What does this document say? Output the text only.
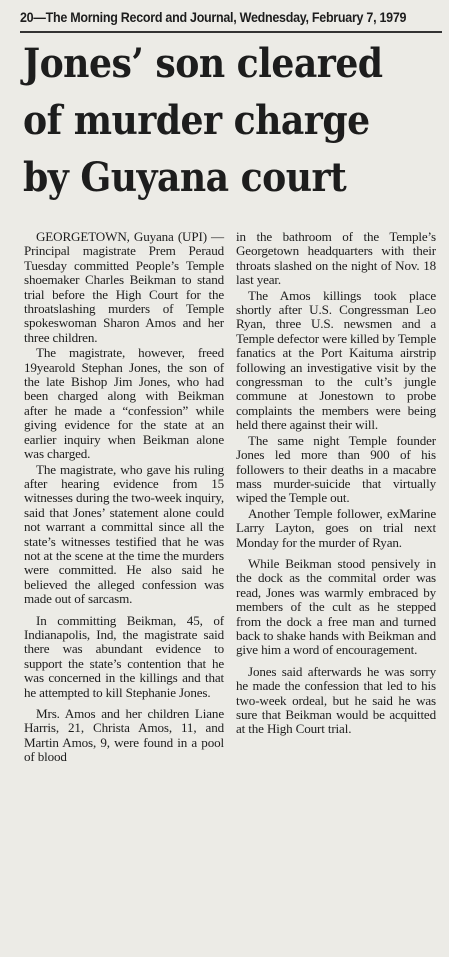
20—The Morning Record and Journal, Wednesday, February 7, 1979
Jones’ son cleared
of murder charge
by Guyana court

GEORGETOWN, Guyana (UPI) — Principal magistrate Prem Peraud Tuesday committed People’s Temple shoemaker Charles Beikman to stand trial before the High Court for the throatslashing murders of Temple spokeswoman Sharon Amos and her three children.

The magistrate, however, freed 19yearold Stephan Jones, the son of the late Bishop Jim Jones, who had been charged along with Beikman after he made a “confession” while giving evidence for the state at an earlier inquiry when Beikman alone was charged.

The magistrate, who gave his ruling after hearing evidence from 15 witnesses during the two-week inquiry, said that Jones’ statement alone could not warrant a committal since all the state’s witnesses testified that he was not at the scene at the time the murders were committed. He also said he believed the alleged confession was made out of sarcasm.

In committing Beikman, 45, of Indianapolis, Ind, the magistrate said there was abundant evidence to support the state’s contention that he was concerned in the killings and that he attempted to kill Stephanie Jones.

Mrs. Amos and her children Liane Harris, 21, Christa Amos, 11, and Martin Amos, 9, were found in a pool of blood

in the bathroom of the Temple’s Georgetown headquarters with their throats slashed on the night of Nov. 18 last year.

The Amos killings took place shortly after U.S. Congressman Leo Ryan, three U.S. newsmen and a Temple defector were killed by Temple fanatics at the Port Kaituma airstrip following an investigative visit by the congressman to the cult’s jungle commune at Jonestown to probe complaints the members were being held there against their will.

The same night Temple founder Jones led more than 900 of his followers to their deaths in a macabre mass murder-suicide that virtually wiped the Temple out.

Another Temple follower, exMarine Larry Layton, goes on trial next Monday for the murder of Ryan.

While Beikman stood pensively in the dock as the commital order was read, Jones was warmly embraced by members of the cult as he stepped from the dock a free man and turned back to shake hands with Beikman and give him a word of encouragement.

Jones said afterwards he was sorry he made the confession that led to his two-week ordeal, but he said he was sure that Beikman would be acquitted at the High Court trial.
